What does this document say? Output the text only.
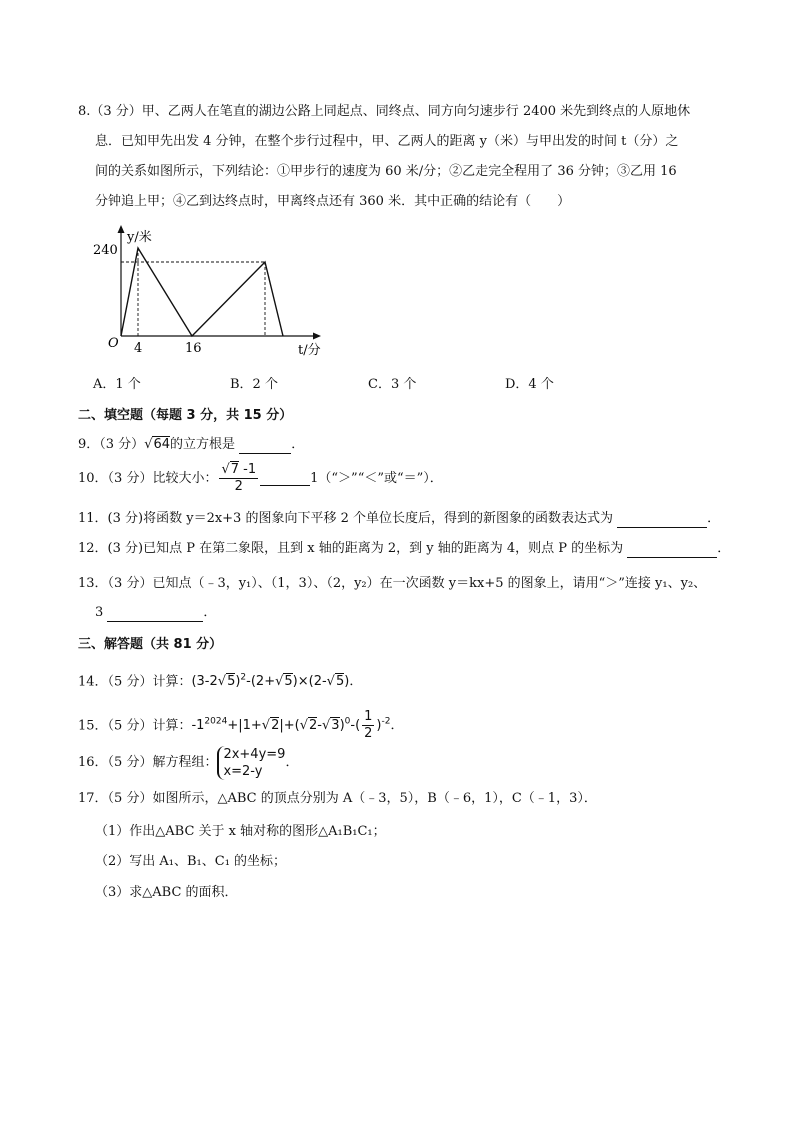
8.（3 分）甲、乙两人在笔直的湖边公路上同起点、同终点、同方向匀速步行 2400 米先到终点的人原地休
息．已知甲先出发 4 分钟，在整个步行过程中，甲、乙两人的距离 y（米）与甲出发的时间 t（分）之
间的关系如图所示，下列结论：①甲步行的速度为 60 米/分；②乙走完全程用了 36 分钟；③乙用 16
分钟追上甲；④乙到达终点时，甲离终点还有 360 米．其中正确的结论有（　　）
y/米
240
O 4	16	t/分
A．1 个	B．2 个	C．3 个	D．4 个
二、填空题（每题 3 分，共 15 分）
9．（3 分）√64的立方根是	．
10．（3 分）比较大小： $\frac{√7 -1}{2}$	1（“＞”“＜”或“＝”）．
11．(3 分)将函数 y＝2x+3 的图象向下平移 2 个单位长度后，得到的新图象的函数表达式为	．
12．(3 分)已知点 P 在第二象限，且到 x 轴的距离为 2，到 y 轴的距离为 4，则点 P 的坐标为	．
13．（3 分）已知点（﹣3，y₁）、（1，3）、（2，y₂）在一次函数 y＝kx+5 的图象上，请用“＞”连接 y₁、y₂、
3	．
三、解答题（共 81 分）
14．（5 分）计算：$(3-2√5)^2-(2+√5)\times(2-√5)$．
15．（5 分）计算：$-1^{2024}+|1+√2|+(√2-√3)^0-( \frac{1}{2} )^{-2}$．
16．（5 分）解方程组：
2x+4y=9
x=2-y
．
17．（5 分）如图所示，△ABC 的顶点分别为 A（﹣3，5），B（﹣6，1），C（﹣1，3）．
（1）作出△ABC 关于 x 轴对称的图形△A₁B₁C₁；
（2）写出 A₁、B₁、C₁ 的坐标；
（3）求△ABC 的面积．
